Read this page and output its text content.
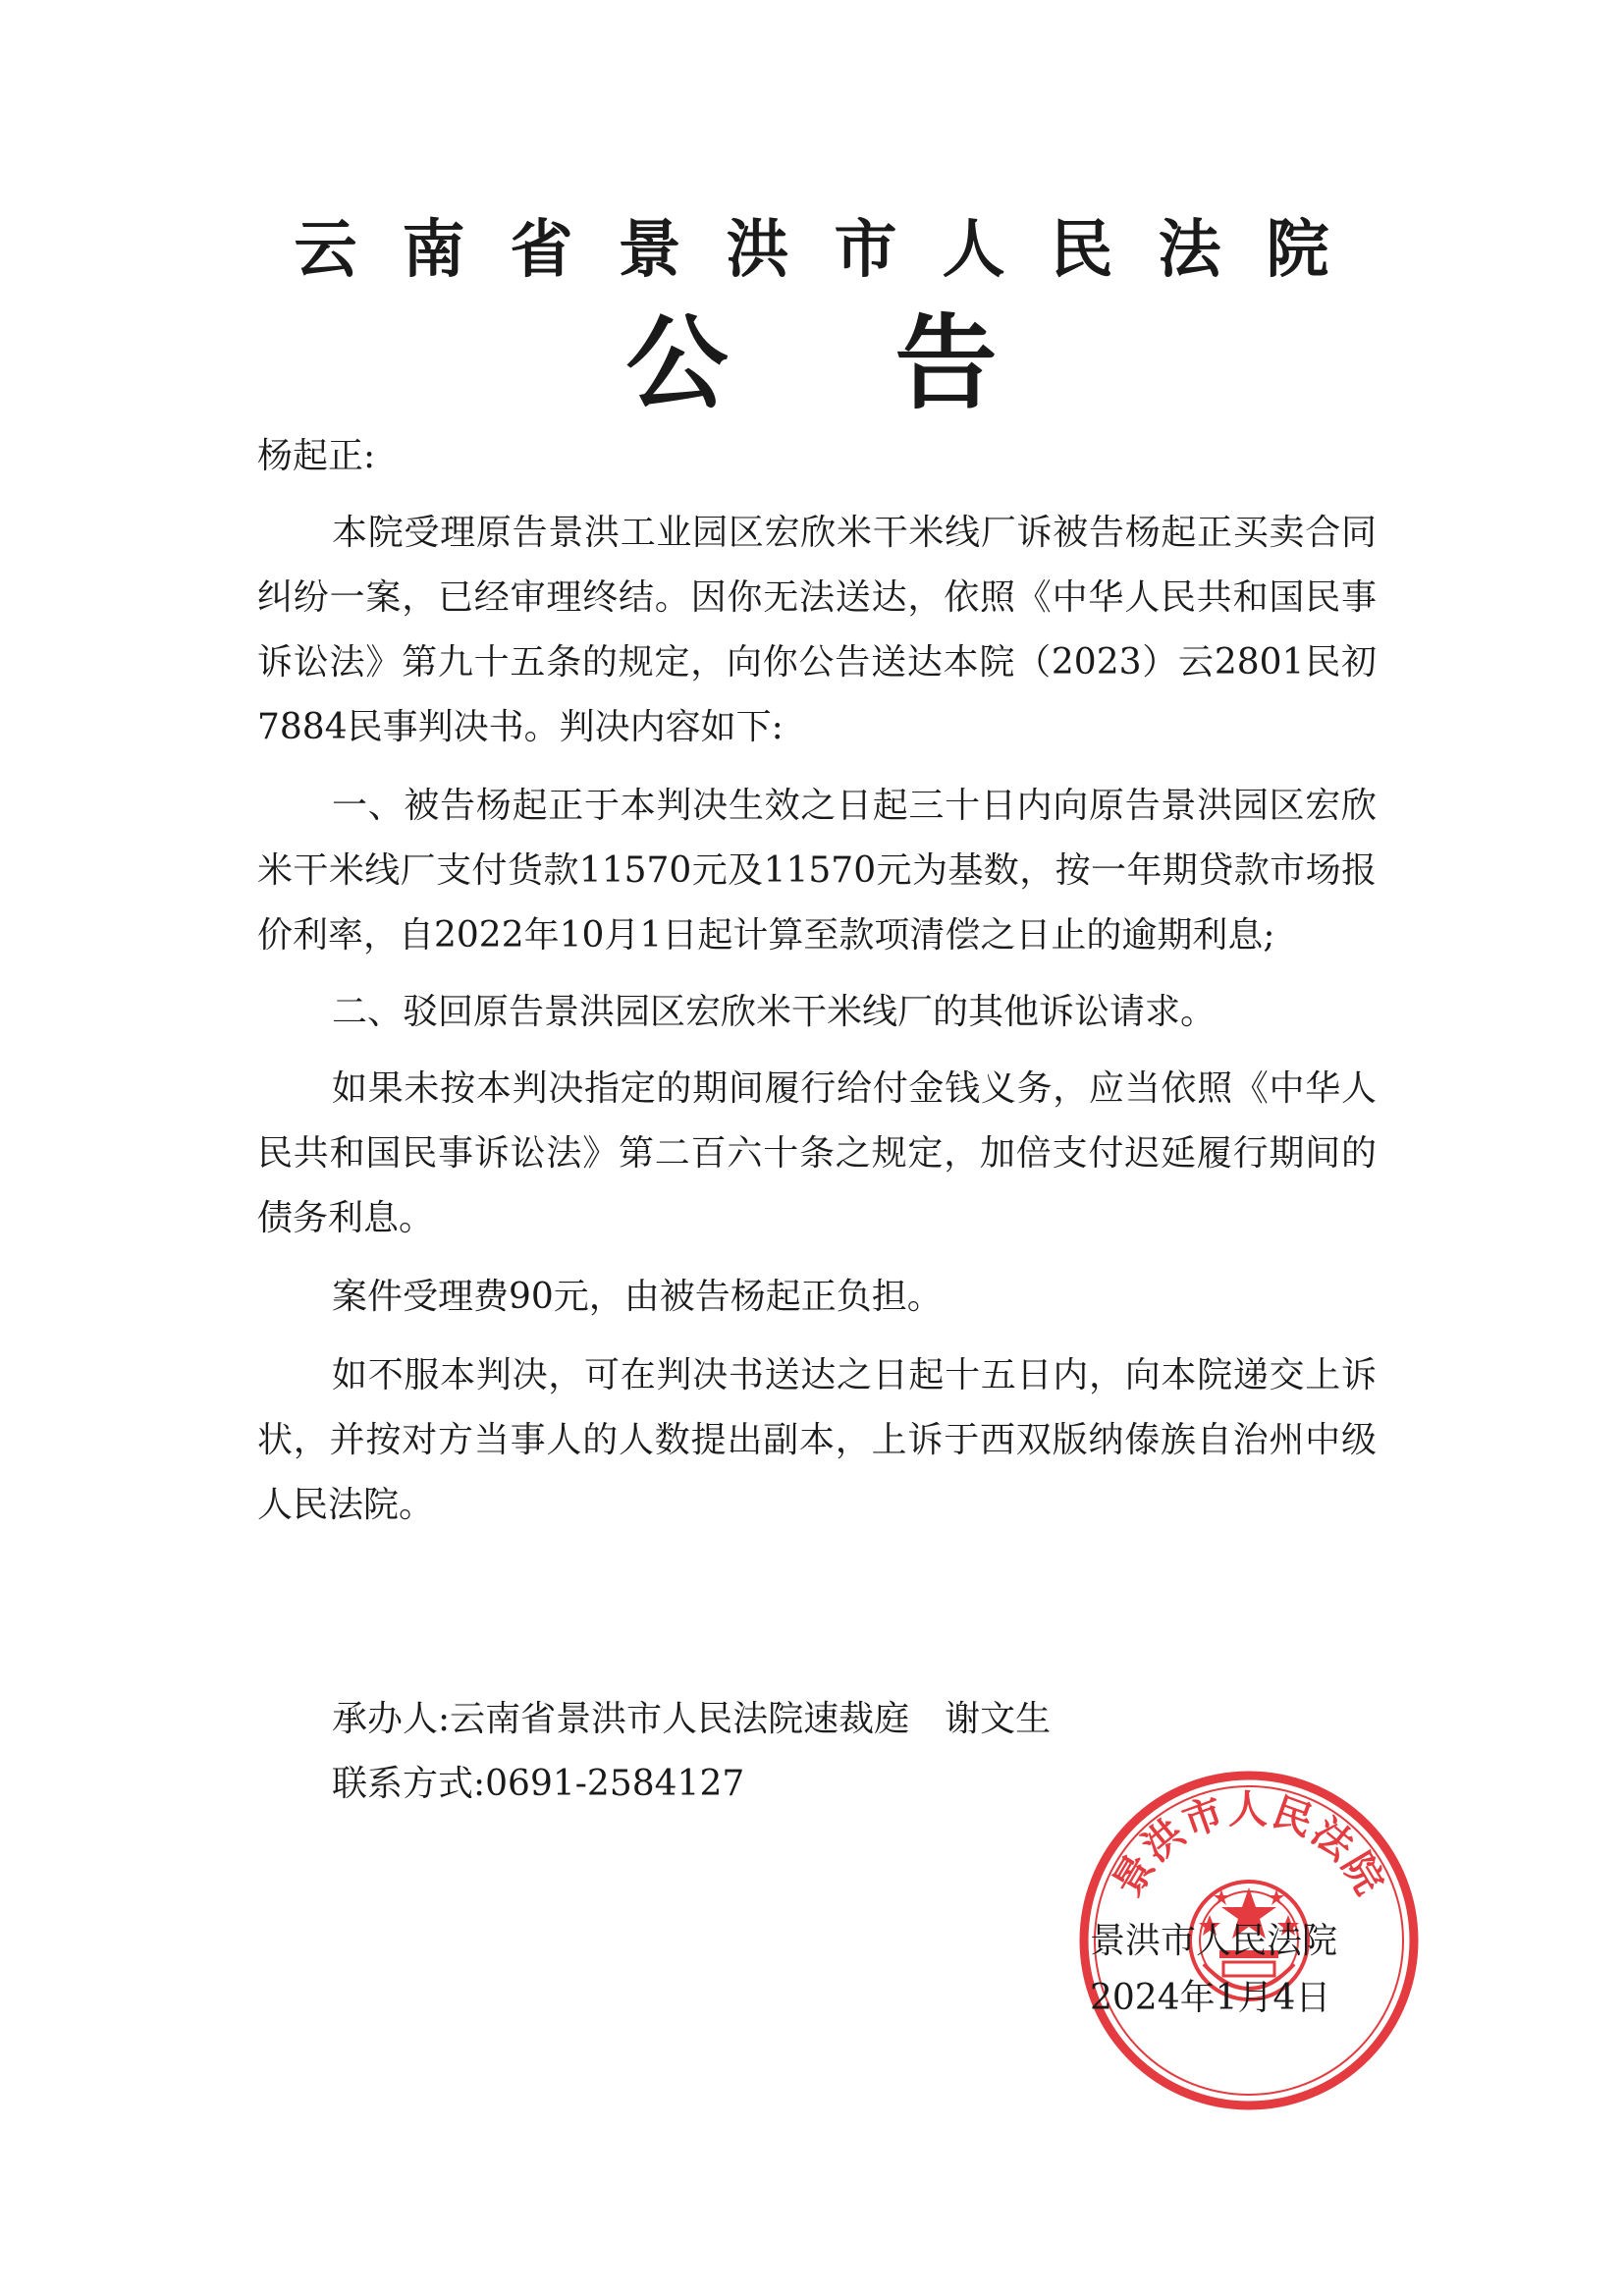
云南省景洪市人民法院
公告

杨起正:

本院受理原告景洪工业园区宏欣米干米线厂诉被告杨起正买卖合同纠纷一案，已经审理终结。因你无法送达，依照《中华人民共和国民事诉讼法》第九十五条的规定，向你公告送达本院（2023）云2801民初7884民事判决书。判决内容如下:

一、被告杨起正于本判决生效之日起三十日内向原告景洪园区宏欣米干米线厂支付货款11570元及11570元为基数，按一年期贷款市场报价利率，自2022年10月1日起计算至款项清偿之日止的逾期利息;

二、驳回原告景洪园区宏欣米干米线厂的其他诉讼请求。

如果未按本判决指定的期间履行给付金钱义务，应当依照《中华人民共和国民事诉讼法》第二百六十条之规定，加倍支付迟延履行期间的债务利息。

案件受理费90元，由被告杨起正负担。

如不服本判决，可在判决书送达之日起十五日内，向本院递交上诉状，并按对方当事人的人数提出副本，上诉于西双版纳傣族自治州中级人民法院。

承办人:云南省景洪市人民法院速裁庭 谢文生
联系方式:0691-2584127
景洪市人民法院
景洪市人民法院
2024年1月4日
